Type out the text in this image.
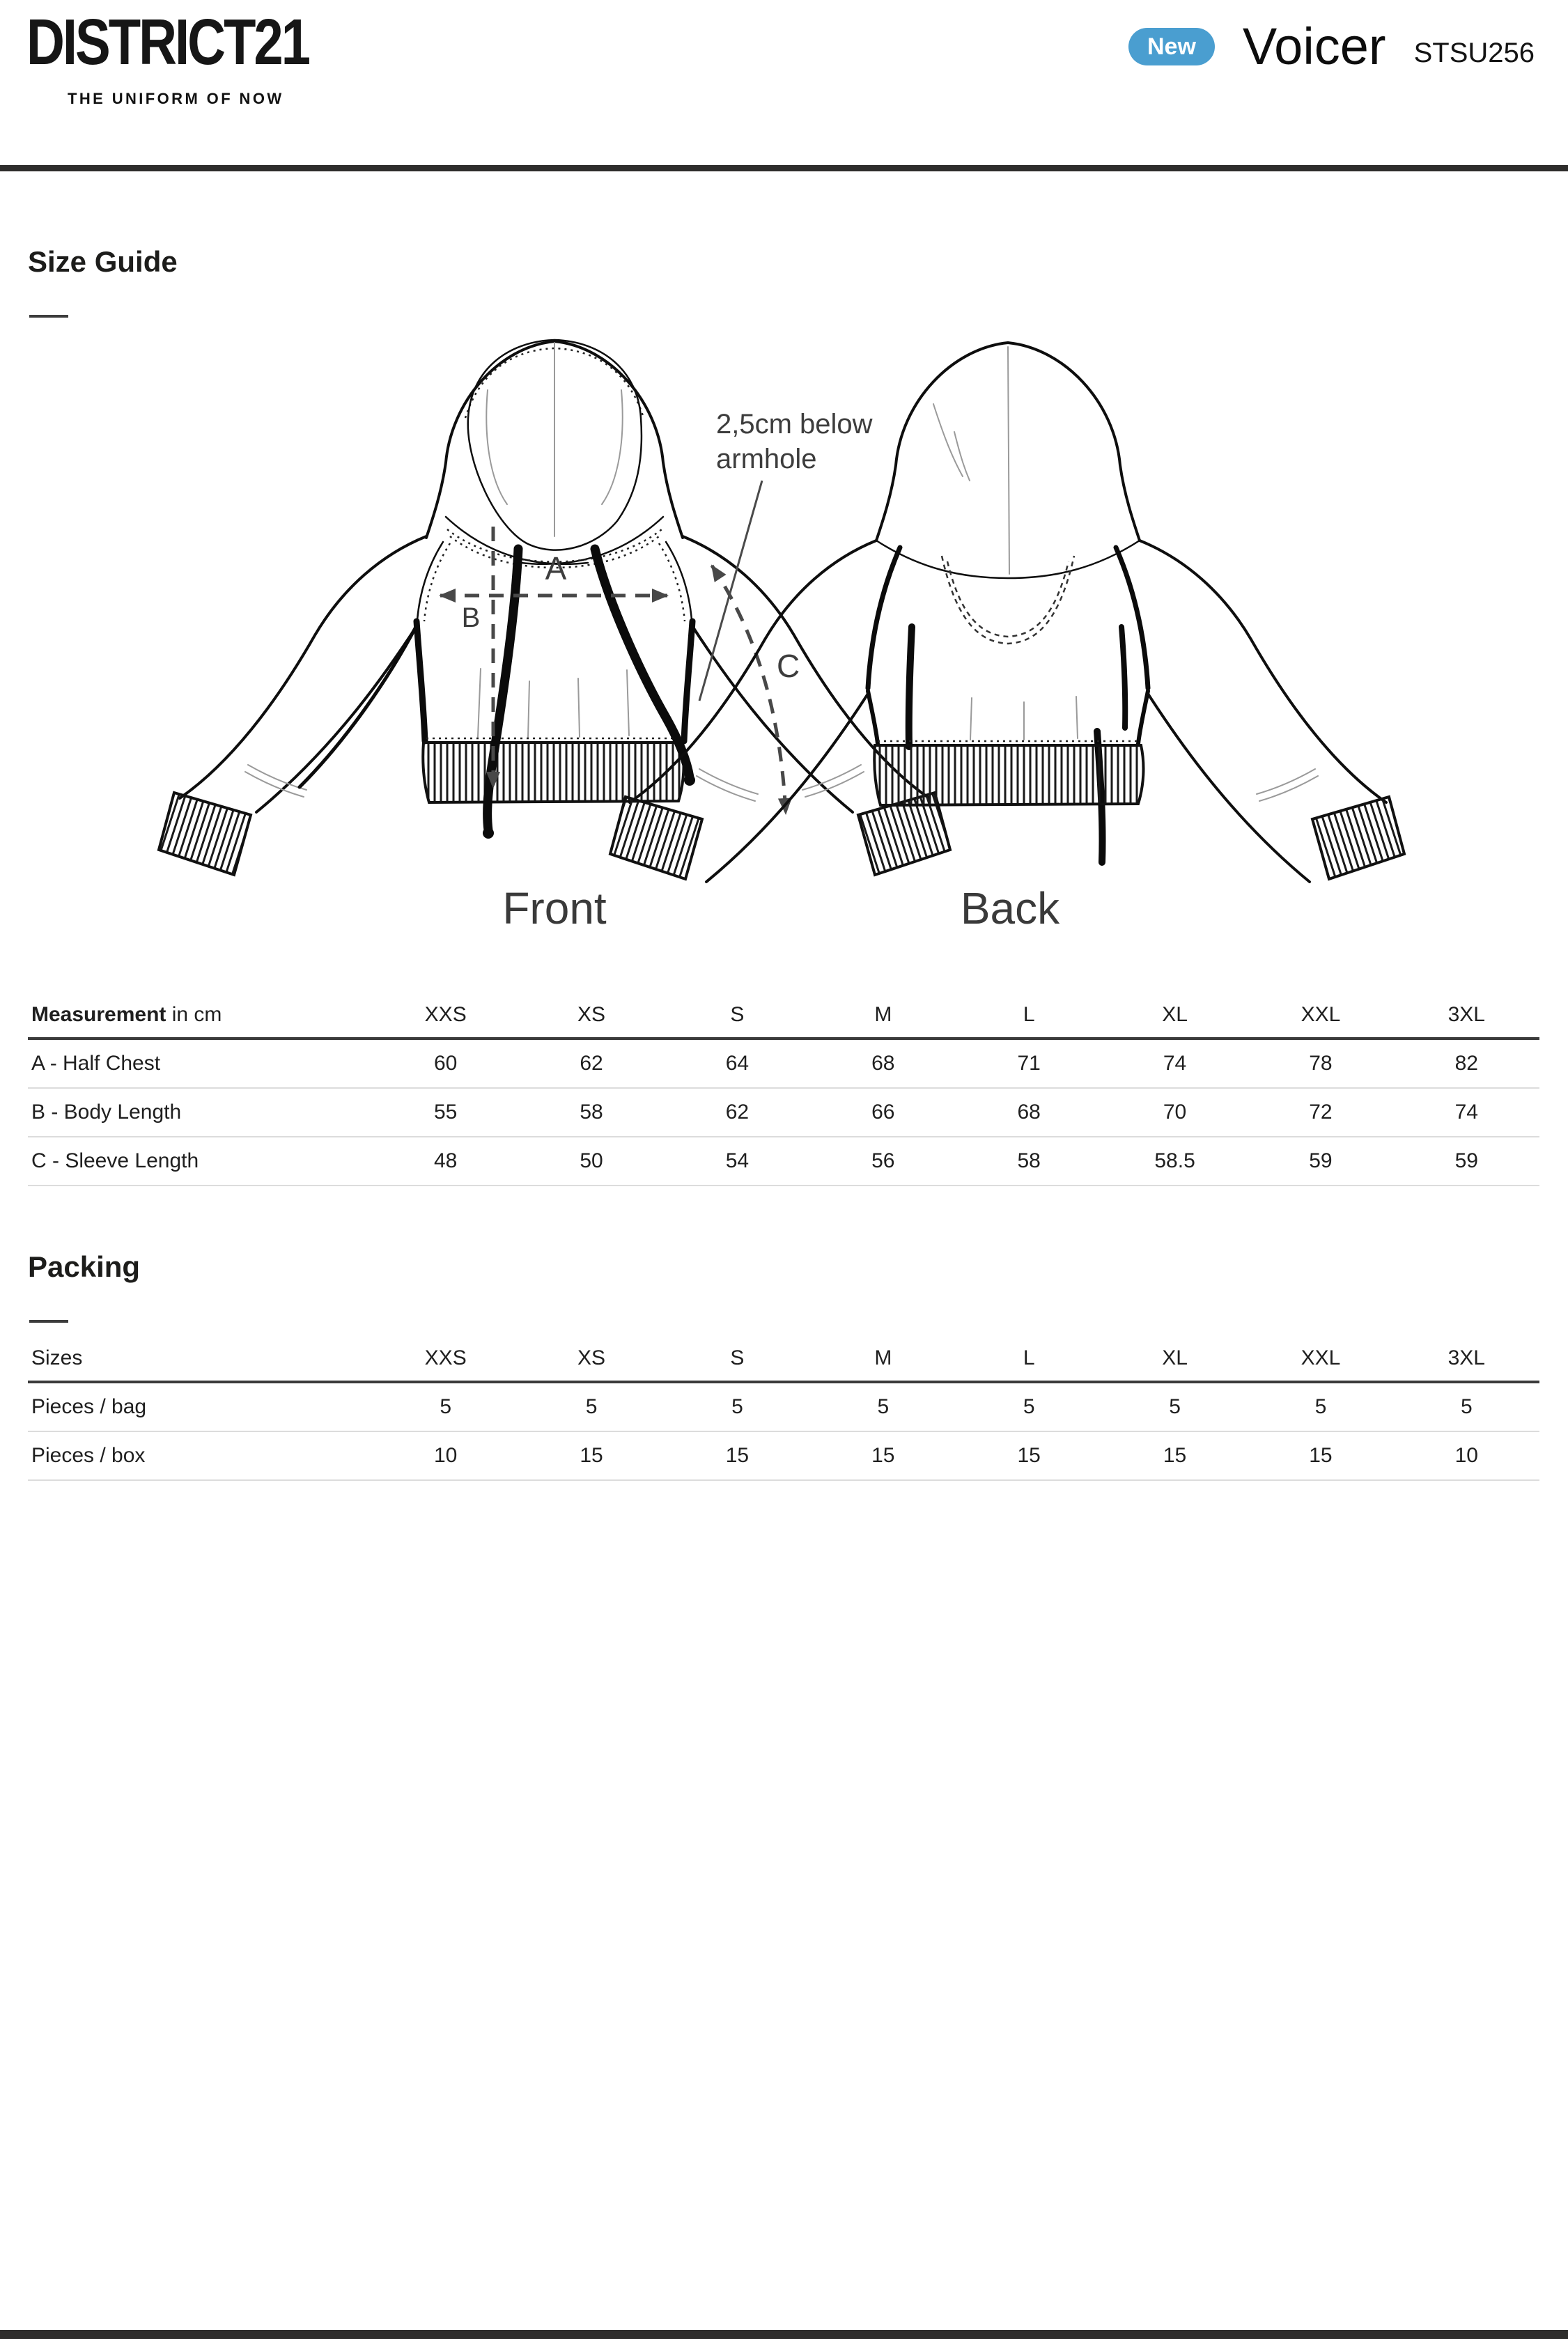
DISTRICT21
THE UNIFORM OF NOW
New Voicer STSU256
Size Guide
A
B
C
2,5cm below
armhole
Front	Back
Measurement in cm	XXS	XS	S	M	L	XL	XXL	3XL
A - Half Chest	60	62	64	68	71	74	78	82
B - Body Length	55	58	62	66	68	70	72	74
C - Sleeve Length	48	50	54	56	58	58.5	59	59
Packing
Sizes	XXS	XS	S	M	L	XL	XXL	3XL
Pieces / bag	5	5	5	5	5	5	5	5
Pieces / box	10	15	15	15	15	15	15	10
